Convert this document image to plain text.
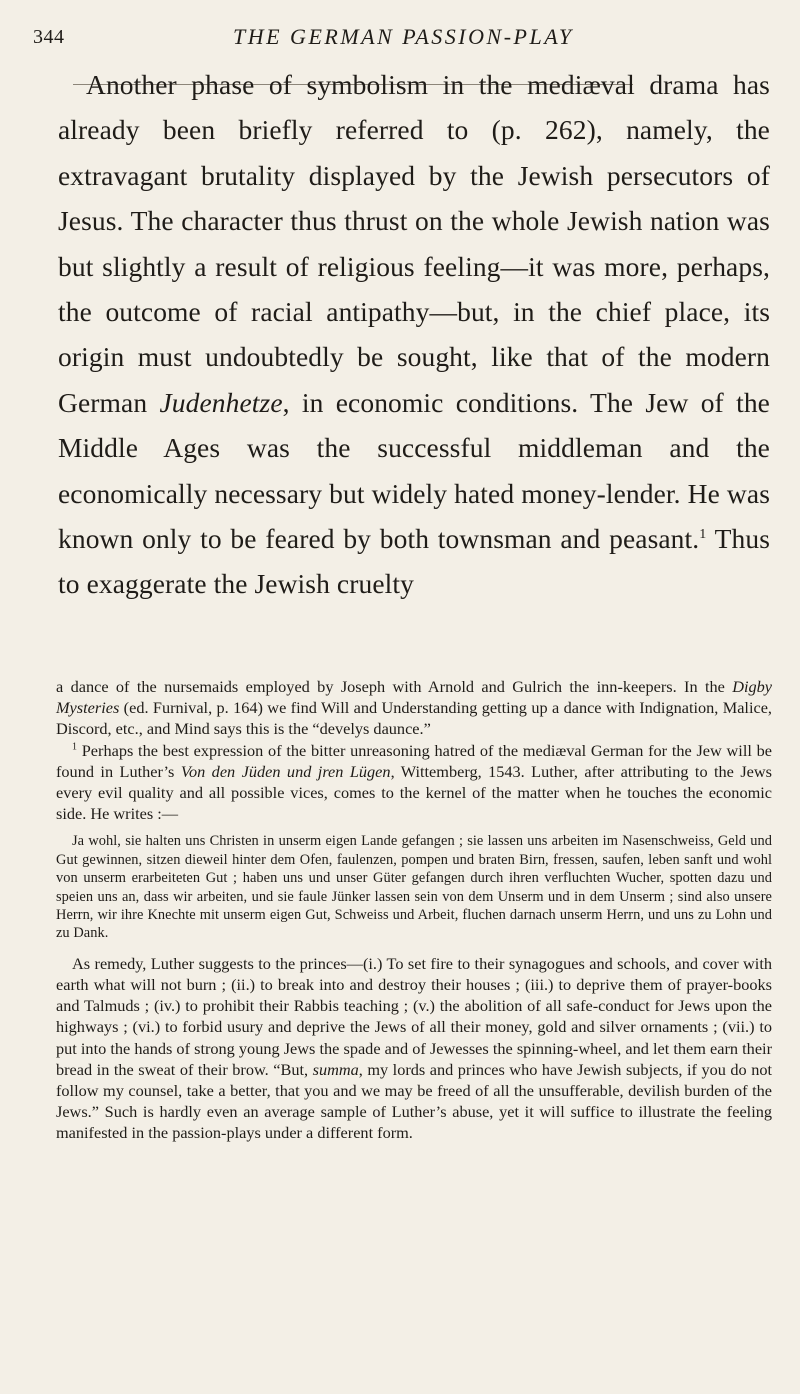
344	THE GERMAN PASSION-PLAY

Another phase of symbolism in the mediæval drama has already been briefly referred to (p. 262), namely, the extravagant brutality displayed by the Jewish persecutors of Jesus. The character thus thrust on the whole Jewish nation was but slightly a result of religious feeling—it was more, perhaps, the outcome of racial antipathy—but, in the chief place, its origin must undoubtedly be sought, like that of the modern German Judenhetze, in economic conditions. The Jew of the Middle Ages was the successful middleman and the economically necessary but widely hated money-lender. He was known only to be feared by both townsman and peasant.$^1$ Thus to exaggerate the Jewish cruelty

a dance of the nursemaids employed by Joseph with Arnold and Gulrich the inn-keepers. In the Digby Mysteries (ed. Furnival, p. 164) we find Will and Understanding getting up a dance with Indignation, Malice, Discord, etc., and Mind says this is the “develys daunce.”

$^1$ Perhaps the best expression of the bitter unreasoning hatred of the mediæval German for the Jew will be found in Luther’s Von den Jüden und jren Lügen, Wittemberg, 1543. Luther, after attributing to the Jews every evil quality and all possible vices, comes to the kernel of the matter when he touches the economic side. He writes :—

Ja wohl, sie halten uns Christen in unserm eigen Lande gefangen ; sie lassen uns arbeiten im Nasenschweiss, Geld und Gut gewinnen, sitzen dieweil hinter dem Ofen, faulenzen, pompen und braten Birn, fressen, saufen, leben sanft und wohl von unserm erarbeiteten Gut ; haben uns und unser Güter gefangen durch ihren verfluchten Wucher, spotten dazu und speien uns an, dass wir arbeiten, und sie faule Jünker lassen sein von dem Unserm und in dem Unserm ; sind also unsere Herrn, wir ihre Knechte mit unserm eigen Gut, Schweiss und Arbeit, fluchen darnach unserm Herrn, und uns zu Lohn und zu Dank.

As remedy, Luther suggests to the princes—(i.) To set fire to their synagogues and schools, and cover with earth what will not burn ; (ii.) to break into and destroy their houses ; (iii.) to deprive them of prayer-books and Talmuds ; (iv.) to prohibit their Rabbis teaching ; (v.) the abolition of all safe-conduct for Jews upon the highways ; (vi.) to forbid usury and deprive the Jews of all their money, gold and silver ornaments ; (vii.) to put into the hands of strong young Jews the spade and of Jewesses the spinning-wheel, and let them earn their bread in the sweat of their brow. “But, summa, my lords and princes who have Jewish subjects, if you do not follow my counsel, take a better, that you and we may be freed of all the unsufferable, devilish burden of the Jews.” Such is hardly even an average sample of Luther’s abuse, yet it will suffice to illustrate the feeling manifested in the passion-plays under a different form.
